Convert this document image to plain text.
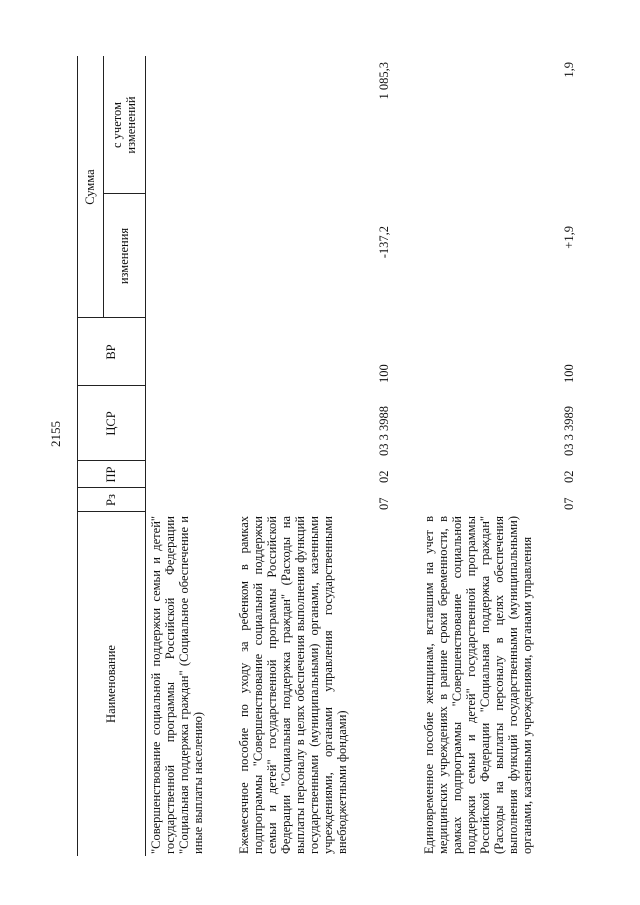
2155
Наименование
Рз
ПР
ЦСР
ВР
Сумма
изменения
с учетом изменений
"Совершенствование социальной поддержки семьи и детей" государственной программы Российской Федерации "Социальная поддержка граждан" (Социальное обеспечение и иные выплаты населению)	Ежемесячное пособие по уходу за ребенком в рамках подпрограммы "Совершенствование социальной поддержки семьи и детей" государственной программы Российской Федерации "Социальная поддержка граждан" (Расходы на выплаты персоналу в целях обеспечения выполнения функций государственными (муниципальными) органами, казенными учреждениями, органами управления государственными внебюджетными фондами)
07
02
03 3 3988
100
-137,2
1 085,3
Единовременное пособие женщинам, вставшим на учет в медицинских учреждениях в ранние сроки беременности, в рамках подпрограммы "Совершенствование социальной поддержки семьи и детей" государственной программы Российской Федерации "Социальная поддержка граждан" (Расходы на выплаты персоналу в целях обеспечения выполнения функций государственными (муниципальными) органами, казенными учреждениями, органами управления
07
02
03 3 3989
100
+1,9
1,9
